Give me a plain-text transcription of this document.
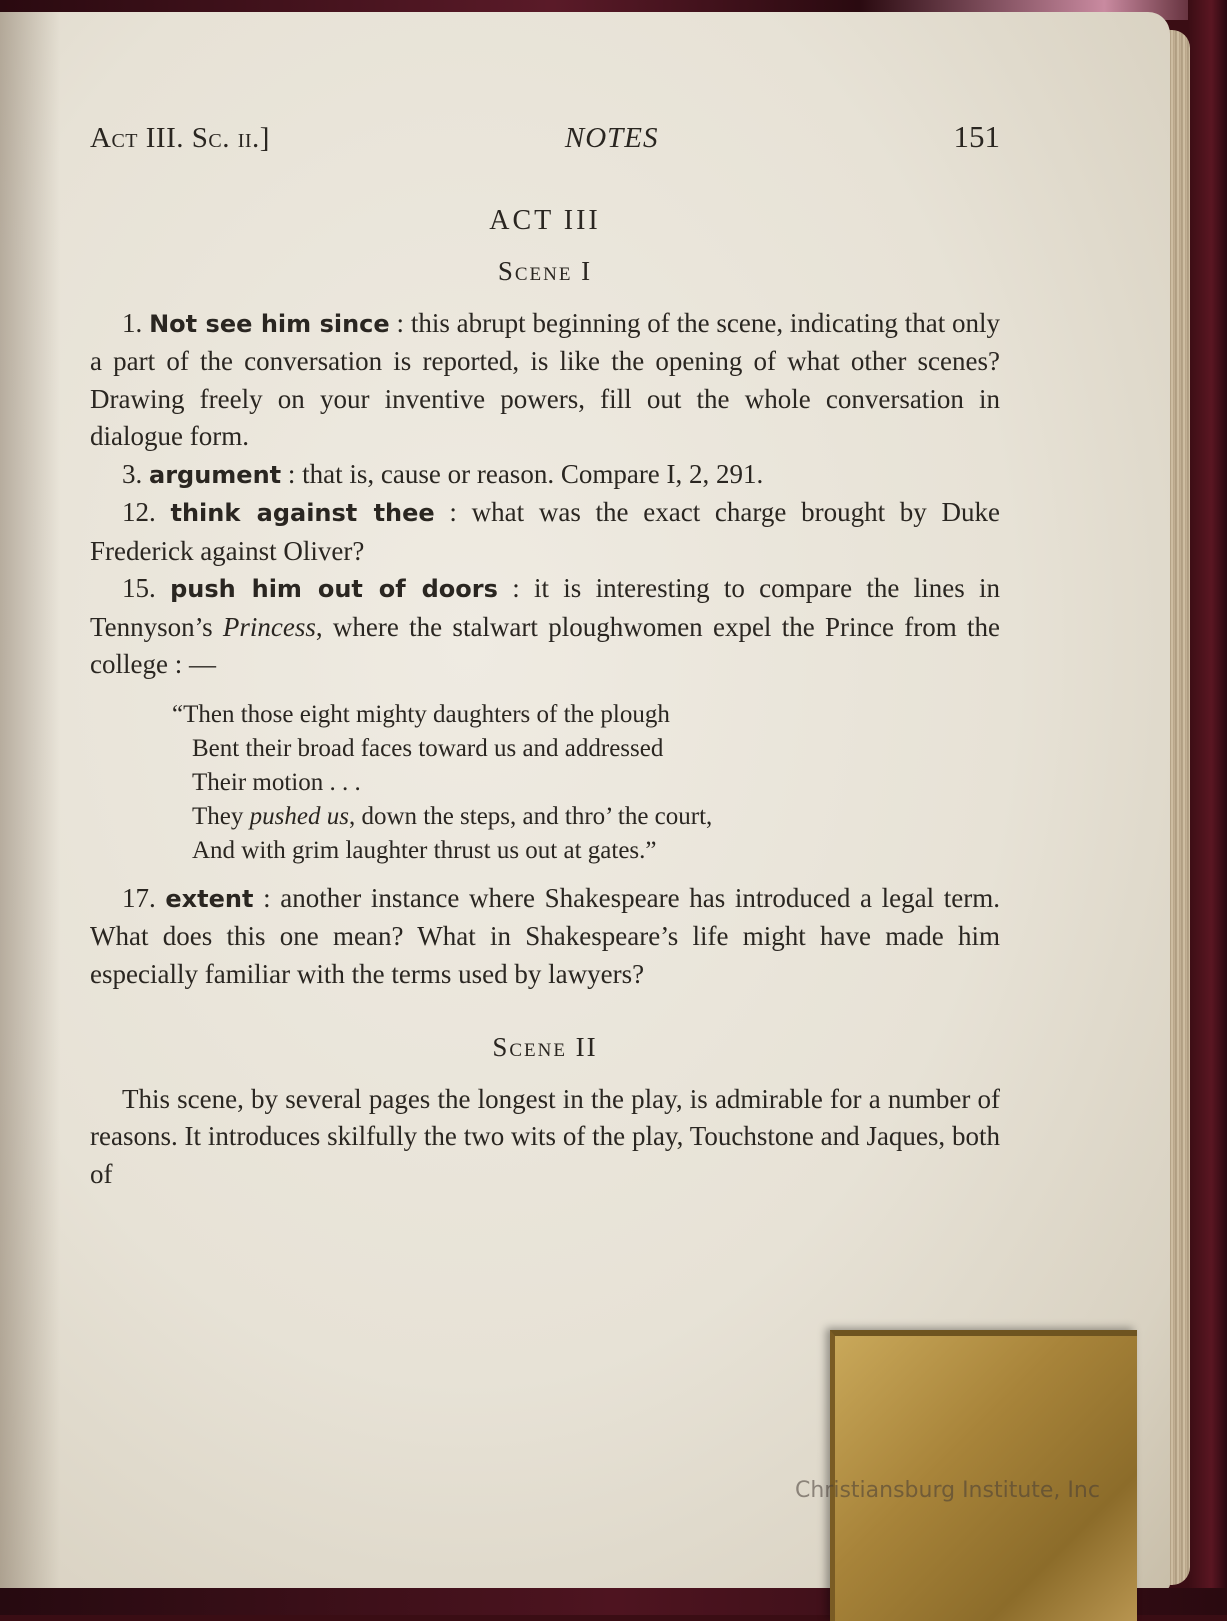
Act III. Sc. ii.]	NOTES	151
ACT III
Scene I

1. Not see him since : this abrupt beginning of the scene, indicating that only a part of the conversation is reported, is like the opening of what other scenes? Drawing freely on your inventive powers, fill out the whole conversation in dialogue form.

3. argument : that is, cause or reason. Compare I, 2, 291.

12. think against thee : what was the exact charge brought by Duke Frederick against Oliver?

15. push him out of doors : it is interesting to compare the lines in Tennyson’s Princess, where the stalwart ploughwomen expel the Prince from the college : —

“Then those eight mighty daughters of the plough
Bent their broad faces toward us and addressed
Their motion . . .
They pushed us, down the steps, and thro’ the court,
And with grim laughter thrust us out at gates.”

17. extent : another instance where Shakespeare has introduced a legal term. What does this one mean? What in Shakespeare’s life might have made him especially familiar with the terms used by lawyers?

Scene II

This scene, by several pages the longest in the play, is admirable for a number of reasons. It introduces skilfully the two wits of the play, Touchstone and Jaques, both of

Christiansburg Institute, Inc
